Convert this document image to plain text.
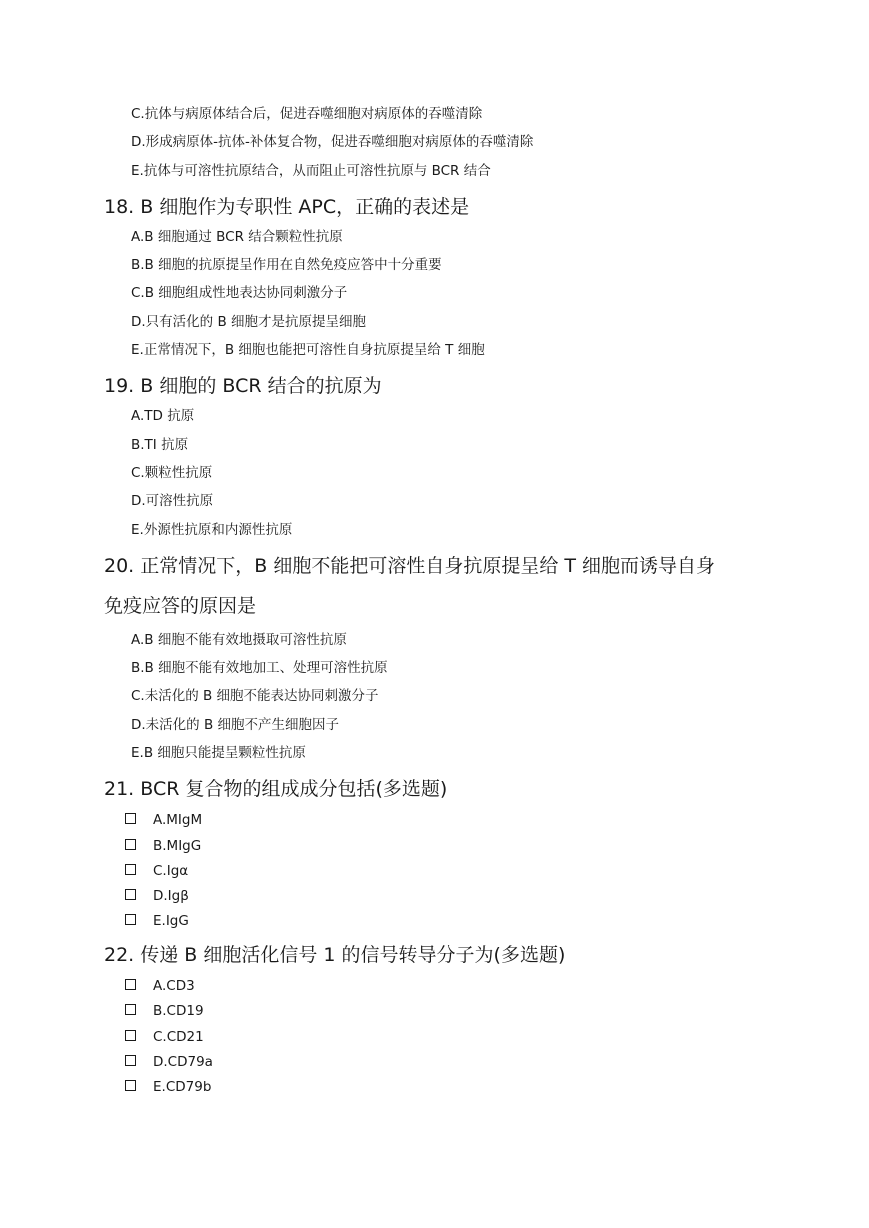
C.抗体与病原体结合后，促进吞噬细胞对病原体的吞噬清除
D.形成病原体-抗体-补体复合物，促进吞噬细胞对病原体的吞噬清除
E.抗体与可溶性抗原结合，从而阻止可溶性抗原与 BCR 结合
18. B 细胞作为专职性 APC，正确的表述是
A.B 细胞通过 BCR 结合颗粒性抗原
B.B 细胞的抗原提呈作用在自然免疫应答中十分重要
C.B 细胞组成性地表达协同刺激分子
D.只有活化的 B 细胞才是抗原提呈细胞
E.正常情况下，B 细胞也能把可溶性自身抗原提呈给 T 细胞
19. B 细胞的 BCR 结合的抗原为
A.TD 抗原
B.TI 抗原
C.颗粒性抗原
D.可溶性抗原
E.外源性抗原和内源性抗原
20. 正常情况下，B 细胞不能把可溶性自身抗原提呈给 T 细胞而诱导自身
免疫应答的原因是
A.B 细胞不能有效地摄取可溶性抗原
B.B 细胞不能有效地加工、处理可溶性抗原
C.未活化的 B 细胞不能表达协同刺激分子
D.未活化的 B 细胞不产生细胞因子
E.B 细胞只能提呈颗粒性抗原
21. BCR 复合物的组成成分包括(多选题)
A.MIgM
B.MIgG
C.Igα
D.Igβ
E.IgG
22. 传递 B 细胞活化信号 1 的信号转导分子为(多选题)
A.CD3
B.CD19
C.CD21
D.CD79a
E.CD79b
